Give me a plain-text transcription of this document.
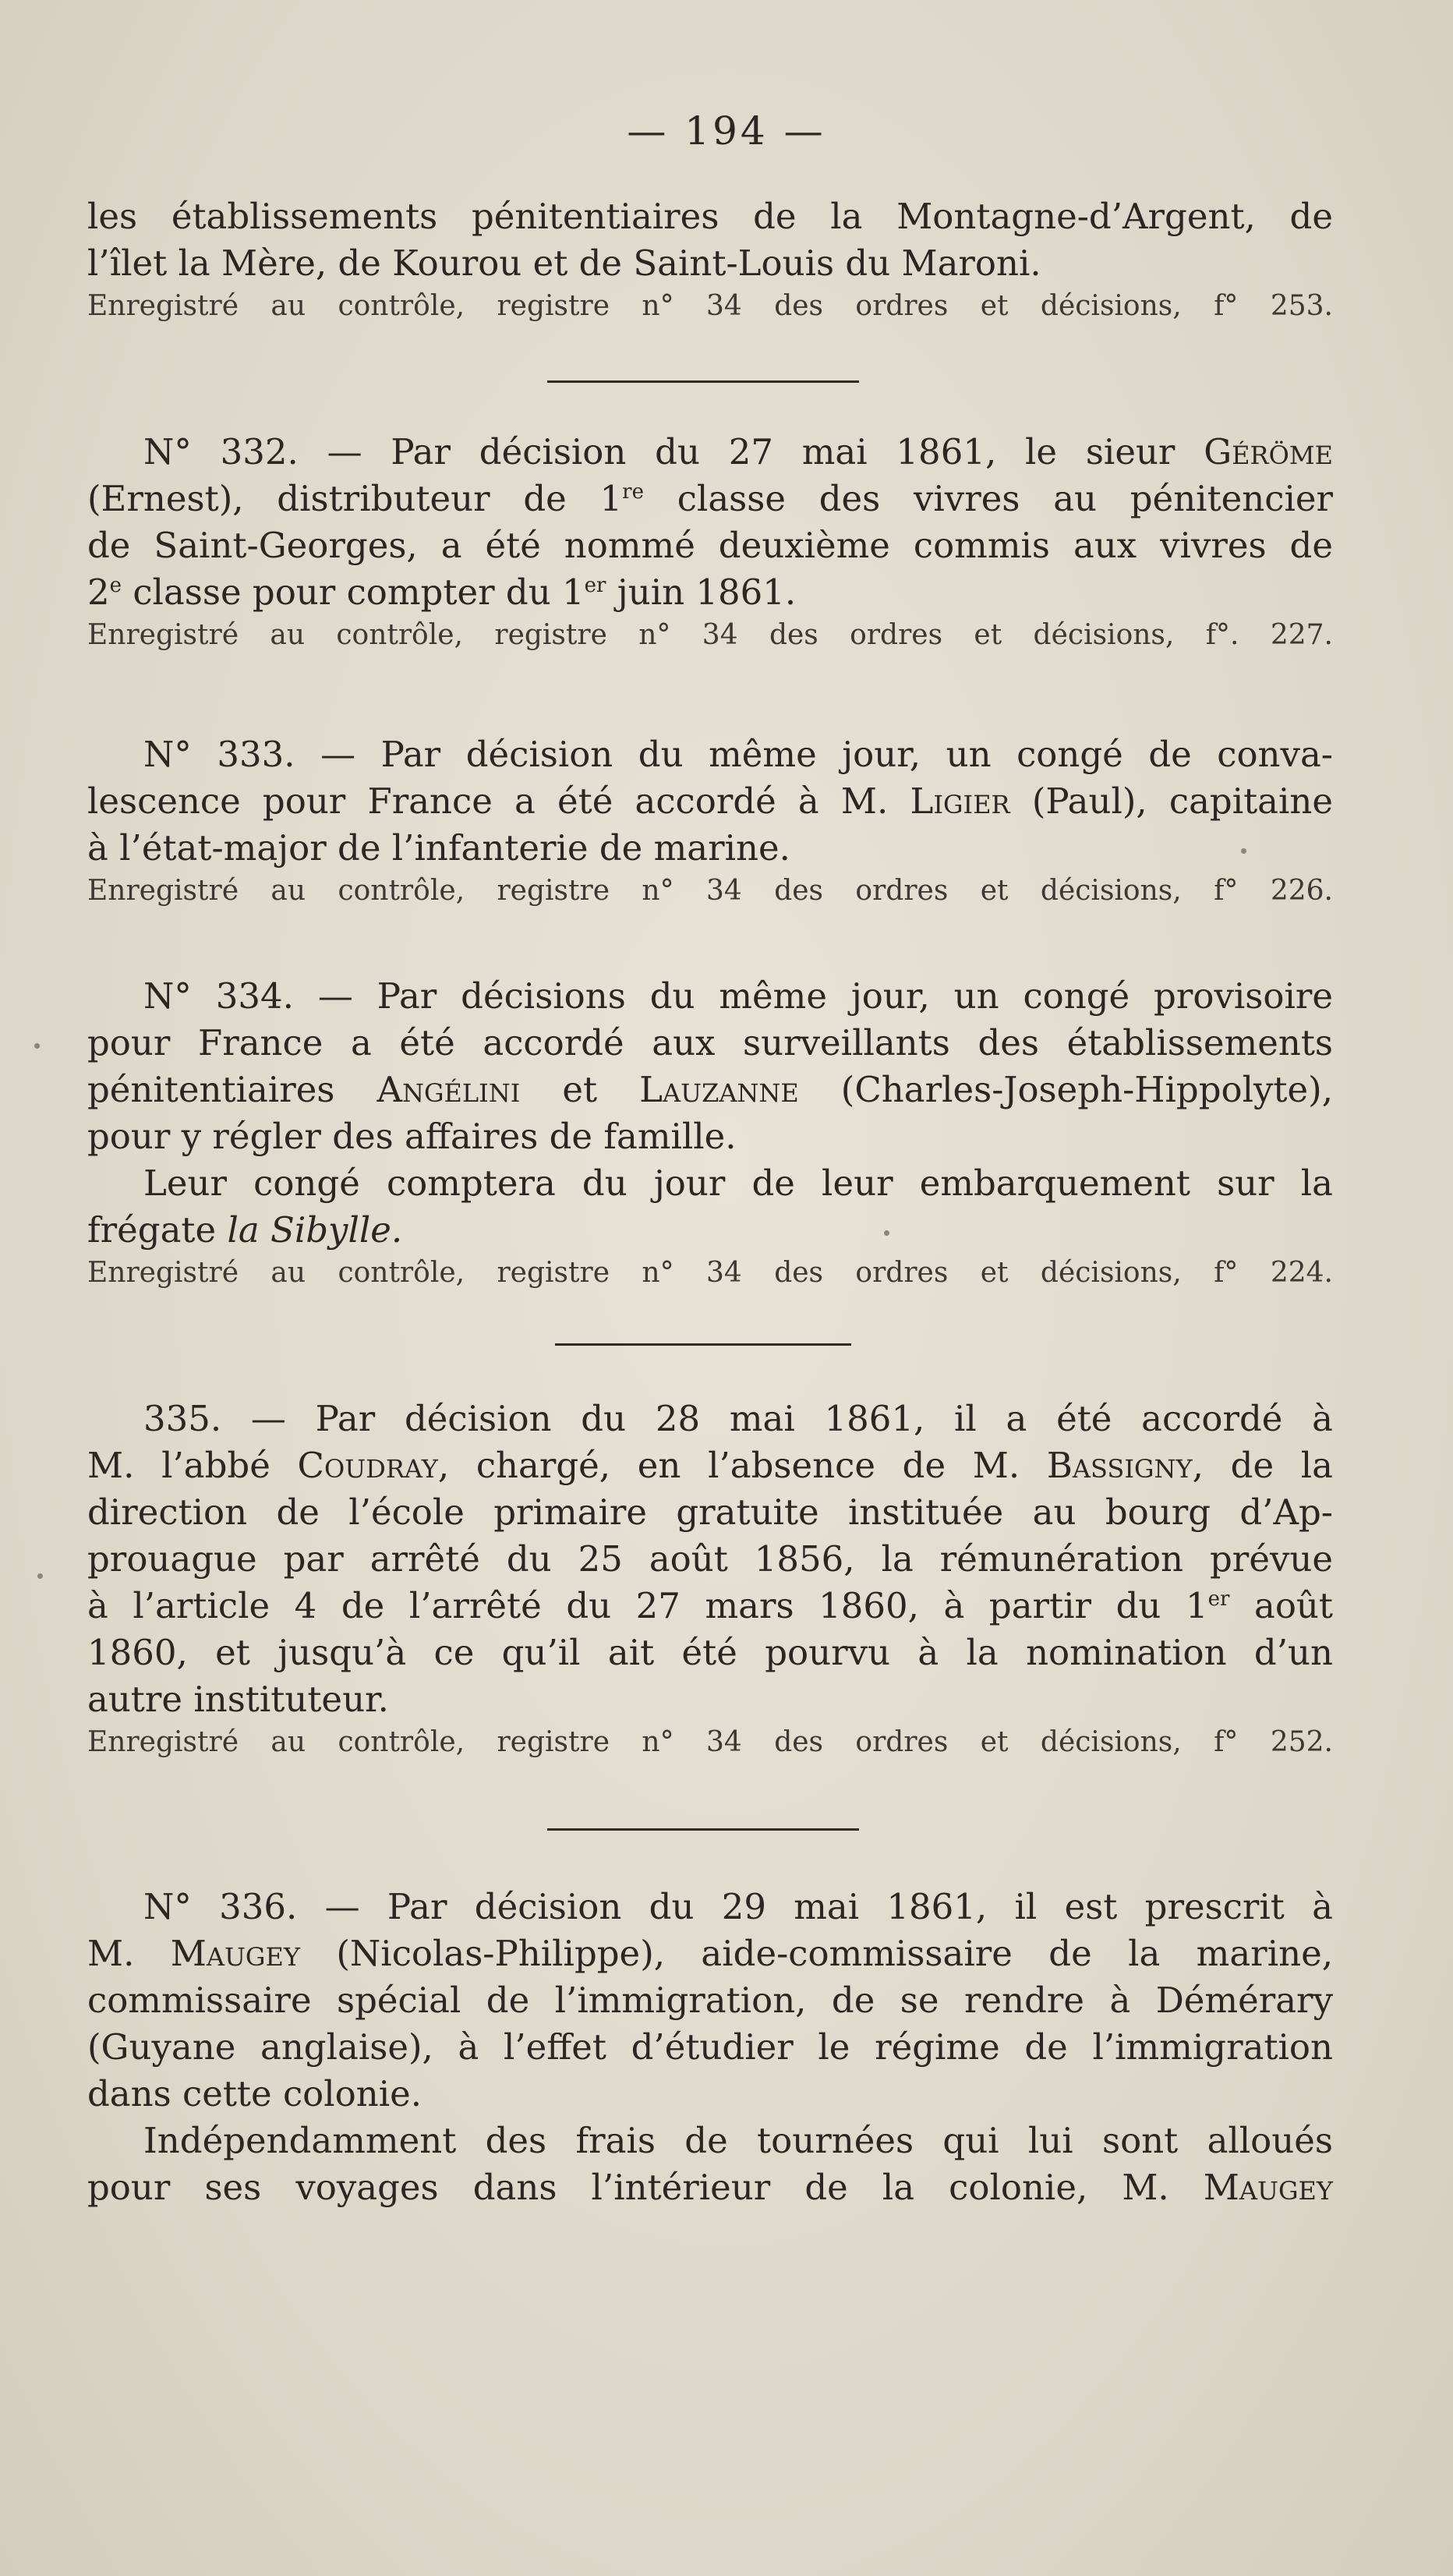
— 194 —
les établissements pénitentiaires de la Montagne-d’Argent, de
l’îlet la Mère, de Kourou et de Saint-Louis du Maroni.
Enregistré au contrôle, registre n° 34 des ordres et décisions, f° 253.
N° 332. — Par décision du 27 mai 1861, le sieur Géröme
(Ernest), distributeur de 1re classe des vivres au pénitencier
de Saint-Georges, a été nommé deuxième commis aux vivres de
2e classe pour compter du 1er juin 1861.
Enregistré au contrôle, registre n° 34 des ordres et décisions, f°. 227.
N° 333. — Par décision du même jour, un congé de conva-
lescence pour France a été accordé à M. Ligier (Paul), capitaine
à l’état-major de l’infanterie de marine.
Enregistré au contrôle, registre n° 34 des ordres et décisions, f° 226.
N° 334. — Par décisions du même jour, un congé provisoire
pour France a été accordé aux surveillants des établissements
pénitentiaires Angélini et Lauzanne (Charles-Joseph-Hippolyte),
pour y régler des affaires de famille.
Leur congé comptera du jour de leur embarquement sur la
frégate la Sibylle.
Enregistré au contrôle, registre n° 34 des ordres et décisions, f° 224.
335. — Par décision du 28 mai 1861, il a été accordé à
M. l’abbé Coudray, chargé, en l’absence de M. Bassigny, de la
direction de l’école primaire gratuite instituée au bourg d’Ap-
prouague par arrêté du 25 août 1856, la rémunération prévue
à l’article 4 de l’arrêté du 27 mars 1860, à partir du 1er août
1860, et jusqu’à ce qu’il ait été pourvu à la nomination d’un
autre instituteur.
Enregistré au contrôle, registre n° 34 des ordres et décisions, f° 252.
N° 336. — Par décision du 29 mai 1861, il est prescrit à
M. Maugey (Nicolas-Philippe), aide-commissaire de la marine,
commissaire spécial de l’immigration, de se rendre à Démérary
(Guyane anglaise), à l’effet d’étudier le régime de l’immigration
dans cette colonie.
Indépendamment des frais de tournées qui lui sont alloués
pour ses voyages dans l’intérieur de la colonie, M. Maugey
